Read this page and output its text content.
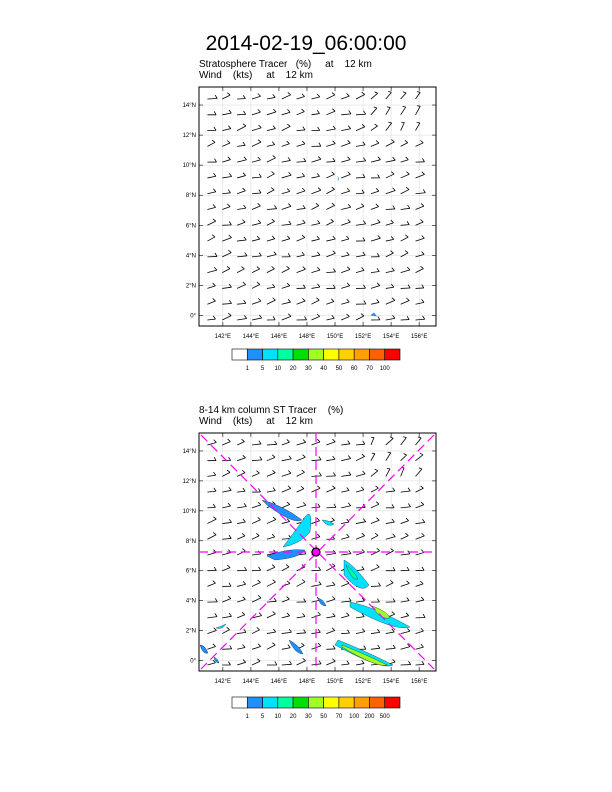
2014-02-19_06:00:00
Stratosphere Tracer   (%)     at    12 km
Wind    (kts)     at    12 km
8-14 km column ST Tracer    (%)
Wind    (kts)     at    12 km
0°
2°N
4°N
6°N
8°N
10°N
12°N
14°N
142°E 144°E 146°E 148°E 150°E 152°E 154°E 156°E
0°
2°N
4°N
6°N
8°N
10°N
12°N
14°N
142°E 144°E 146°E 148°E 150°E 152°E 154°E 156°E
1 5 10 20 30 40 50 60 70 100
1 5 10 20 30 50 70 100 200 500
